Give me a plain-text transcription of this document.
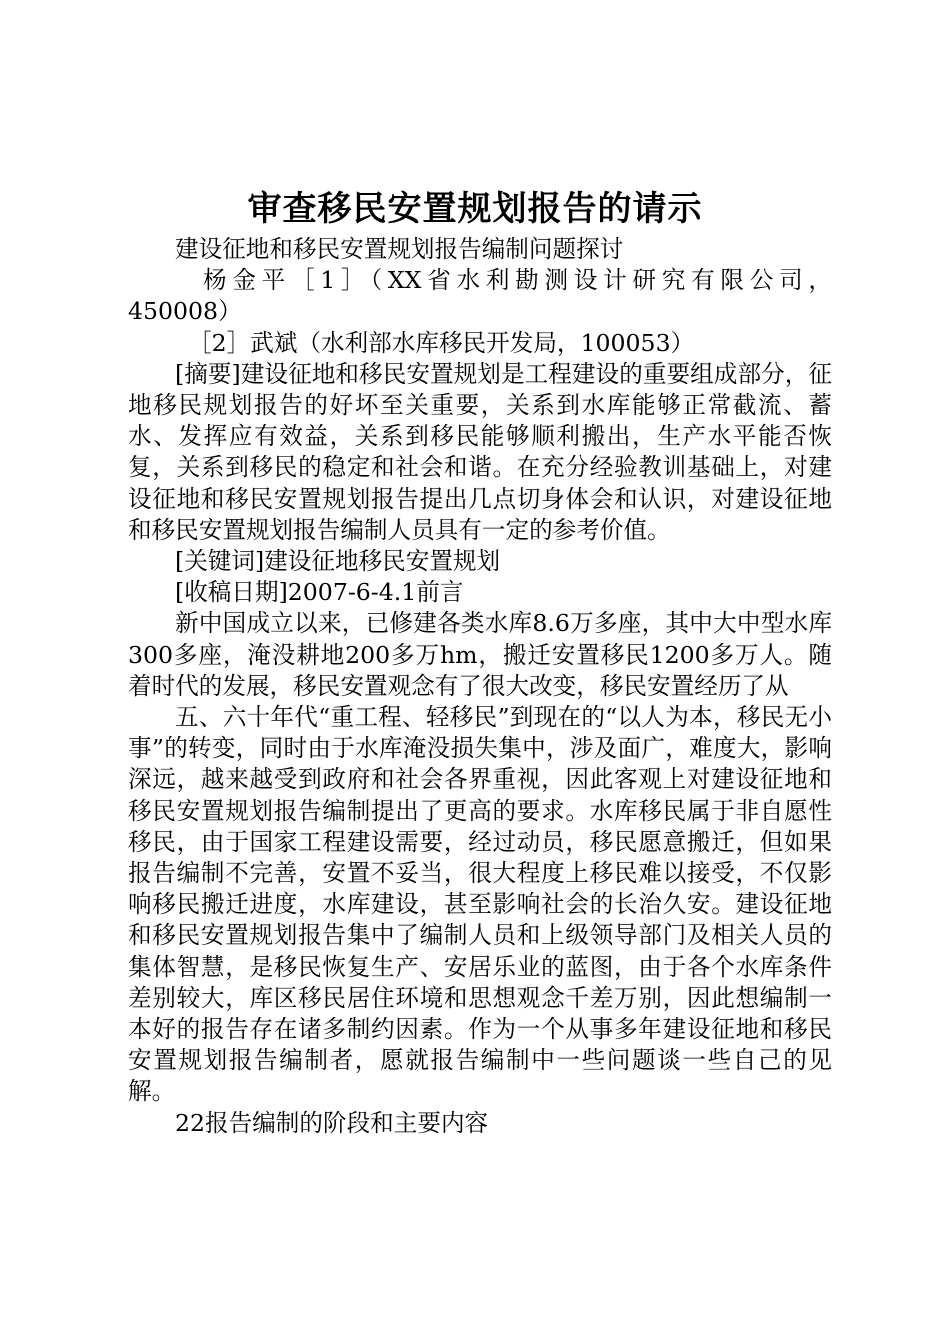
审查移民安置规划报告的请示

建设征地和移民安置规划报告编制问题探讨

杨金平［1］（XX省水利勘测设计研究有限公司，

450008）

［2］武斌（水利部水库移民开发局，100053）

[摘要]建设征地和移民安置规划是工程建设的重要组成部分，征地移民规划报告的好坏至关重要，关系到水库能够正常截流、蓄水、发挥应有效益，关系到移民能够顺利搬出，生产水平能否恢复，关系到移民的稳定和社会和谐。在充分经验教训基础上，对建设征地和移民安置规划报告提出几点切身体会和认识，对建设征地和移民安置规划报告编制人员具有一定的参考价值。

[关键词]建设征地移民安置规划

[收稿日期]2007-6-4.1前言

新中国成立以来，已修建各类水库8.6万多座，其中大中型水库300多座，淹没耕地200多万hm，搬迁安置移民1200多万人。随着时代的发展，移民安置观念有了很大改变，移民安置经历了从

五、六十年代“重工程、轻移民”到现在的“以人为本，移民无小事”的转变，同时由于水库淹没损失集中，涉及面广，难度大，影响深远，越来越受到政府和社会各界重视，因此客观上对建设征地和移民安置规划报告编制提出了更高的要求。水库移民属于非自愿性移民，由于国家工程建设需要，经过动员，移民愿意搬迁，但如果报告编制不完善，安置不妥当，很大程度上移民难以接受，不仅影响移民搬迁进度，水库建设，甚至影响社会的长治久安。建设征地和移民安置规划报告集中了编制人员和上级领导部门及相关人员的集体智慧，是移民恢复生产、安居乐业的蓝图，由于各个水库条件差别较大，库区移民居住环境和思想观念千差万别，因此想编制一本好的报告存在诸多制约因素。作为一个从事多年建设征地和移民安置规划报告编制者，愿就报告编制中一些问题谈一些自己的见解。

22报告编制的阶段和主要内容
